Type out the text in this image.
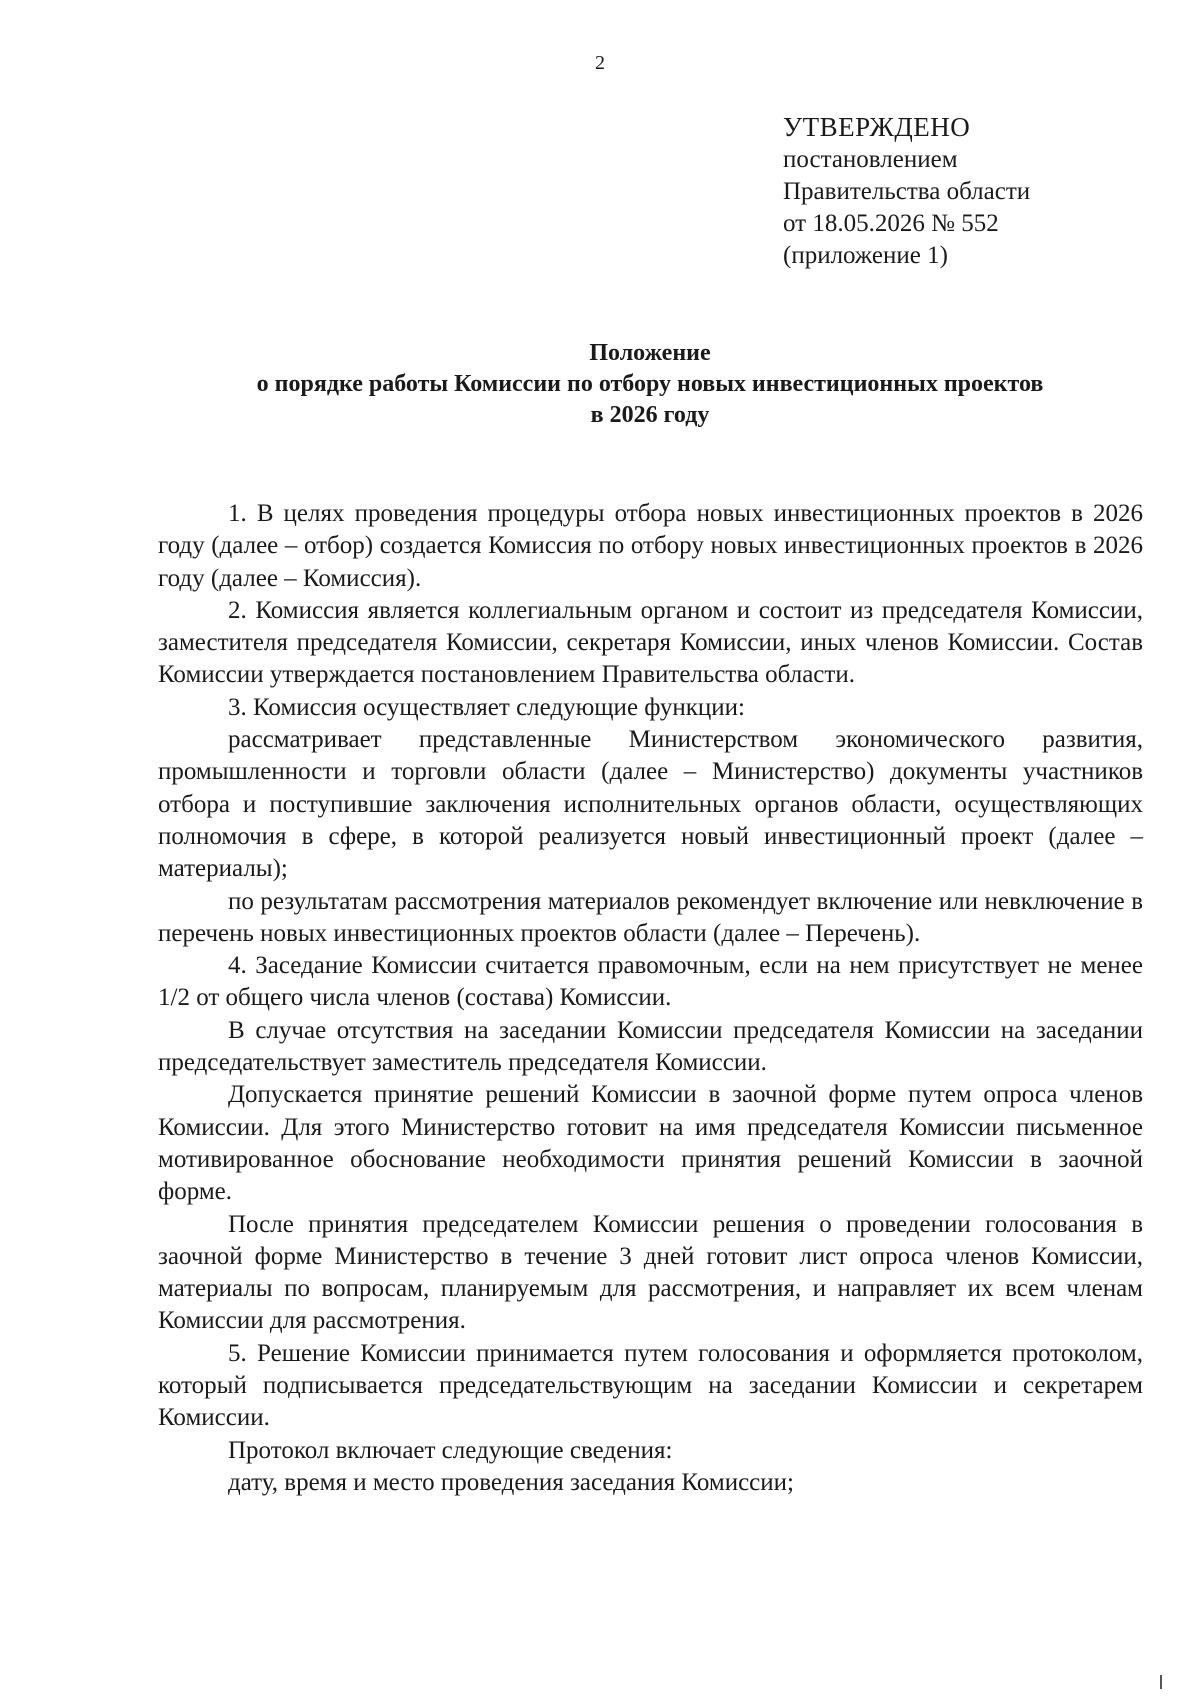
2
УТВЕРЖДЕНО
постановлением
Правительства области
от 18.05.2026 № 552
(приложение 1)
Положение
о порядке работы Комиссии по отбору новых инвестиционных проектов
в 2026 году

1. В целях проведения процедуры отбора новых инвестиционных проектов в 2026 году (далее – отбор) создается Комиссия по отбору новых инвестиционных проектов в 2026 году (далее – Комиссия).

2. Комиссия является коллегиальным органом и состоит из председателя Комиссии, заместителя председателя Комиссии, секретаря Комиссии, иных членов Комиссии. Состав Комиссии утверждается постановлением Правительства области.

3. Комиссия осуществляет следующие функции:

рассматривает представленные Министерством экономического развития, промышленности и торговли области (далее – Министерство) документы участников отбора и поступившие заключения исполнительных органов области, осуществляющих полномочия в сфере, в которой реализуется новый инвестиционный проект (далее – материалы);

по результатам рассмотрения материалов рекомендует включение или невключение в перечень новых инвестиционных проектов области (далее – Перечень).

4. Заседание Комиссии считается правомочным, если на нем присутствует не менее 1/2 от общего числа членов (состава) Комиссии.

В случае отсутствия на заседании Комиссии председателя Комиссии на заседании председательствует заместитель председателя Комиссии.

Допускается принятие решений Комиссии в заочной форме путем опроса членов Комиссии. Для этого Министерство готовит на имя председателя Комиссии письменное мотивированное обоснование необходимости принятия решений Комиссии в заочной форме.

После принятия председателем Комиссии решения о проведении голосования в заочной форме Министерство в течение 3 дней готовит лист опроса членов Комиссии, материалы по вопросам, планируемым для рассмотрения, и направляет их всем членам Комиссии для рассмотрения.

5. Решение Комиссии принимается путем голосования и оформляется протоколом, который подписывается председательствующим на заседании Комиссии и секретарем Комиссии.

Протокол включает следующие сведения:

дату, время и место проведения заседания Комиссии;
